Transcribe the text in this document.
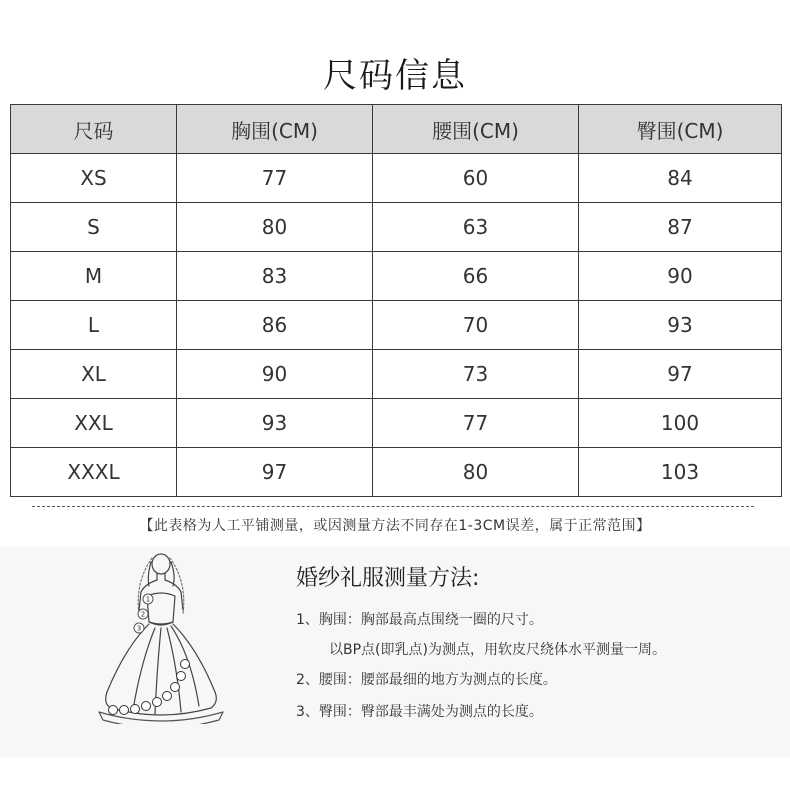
尺码信息
尺码	胸围(CM)	腰围(CM)	臀围(CM)
XS	77	60	84
S	80	63	87
M	83	66	90
L	86	70	93
XL	90	73	97
XXL	93	77	100
XXXL	97	80	103
【此表格为人工平铺测量，或因测量方法不同存在1-3CM误差，属于正常范围】
1
2
3
婚纱礼服测量方法:
1、胸围：胸部最高点围绕一圈的尺寸。
以BP点(即乳点)为测点，用软皮尺绕体水平测量一周。
2、腰围：腰部最细的地方为测点的长度。
3、臀围：臀部最丰满处为测点的长度。
